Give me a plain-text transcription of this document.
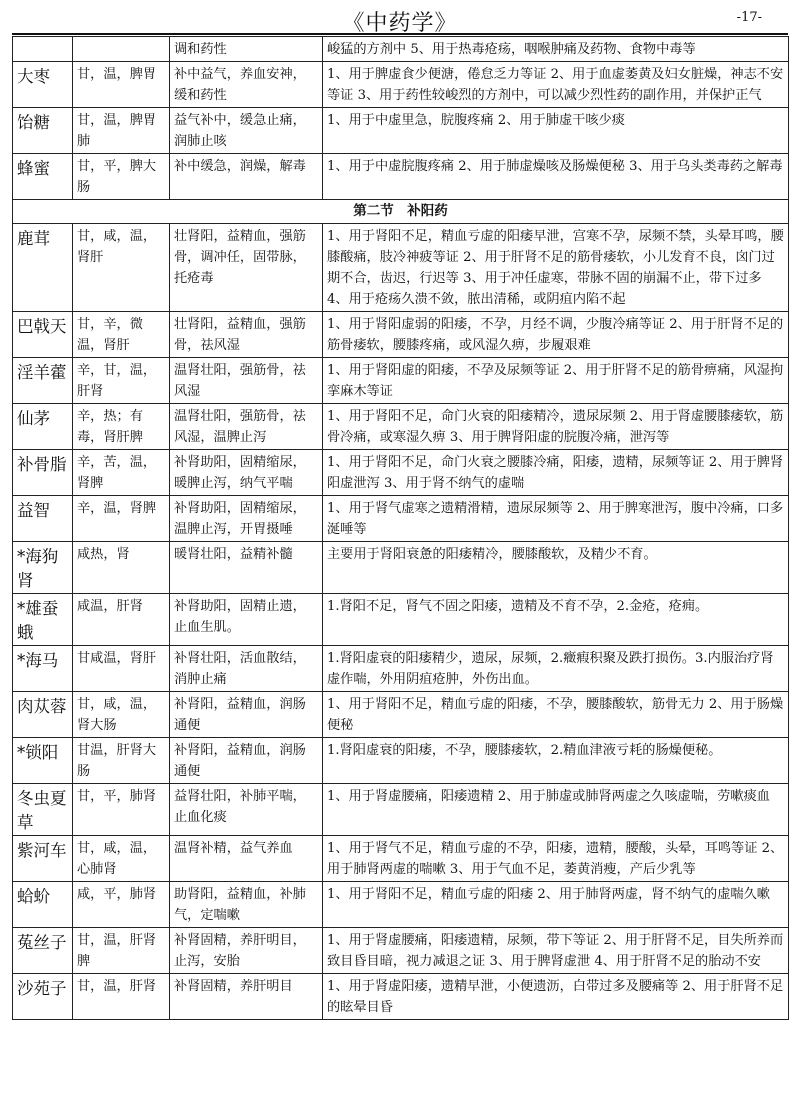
《中药学》	-17-
		调和药性	峻猛的方剂中 5、用于热毒疮疡，咽喉肿痛及药物、食物中毒等
大枣	甘，温，脾胃	补中益气，养血安神，缓和药性	1、用于脾虚食少便溏，倦怠乏力等证 2、用于血虚萎黄及妇女脏燥，神志不安等证 3、用于药性较峻烈的方剂中，可以减少烈性药的副作用，并保护正气
饴糖	甘，温，脾胃肺	益气补中，缓急止痛，润肺止咳	1、用于中虚里急，脘腹疼痛 2、用于肺虚干咳少痰
蜂蜜	甘，平，脾大肠	补中缓急，润燥，解毒	1、用于中虚脘腹疼痛 2、用于肺虚燥咳及肠燥便秘 3、用于乌头类毒药之解毒
第二节　补阳药			
鹿茸	甘，咸，温，肾肝	壮肾阳，益精血，强筋骨，调冲任，固带脉，托疮毒	1、用于肾阳不足，精血亏虚的阳痿早泄，宫寒不孕，尿频不禁，头晕耳鸣，腰膝酸痛，肢冷神疲等证 2、用于肝肾不足的筋骨痿软，小儿发育不良，囟门过期不合，齿迟，行迟等 3、用于冲任虚寒，带脉不固的崩漏不止，带下过多 4、用于疮疡久溃不敛，脓出清稀，或阴疽内陷不起
巴戟天	甘，辛，微温，肾肝	壮肾阳，益精血，强筋骨，祛风湿	1、用于肾阳虚弱的阳痿，不孕，月经不调，少腹冷痛等证 2、用于肝肾不足的筋骨痿软，腰膝疼痛，或风湿久痹，步履艰难
淫羊藿	辛，甘，温，肝肾	温肾壮阳，强筋骨，祛风湿	1、用于肾阳虚的阳痿，不孕及尿频等证 2、用于肝肾不足的筋骨痹痛，风湿拘挛麻木等证
仙茅	辛，热；有毒，肾肝脾	温肾壮阳，强筋骨，祛风湿，温脾止泻	1、用于肾阳不足，命门火衰的阳痿精冷，遗尿尿频 2、用于肾虚腰膝痿软，筋骨冷痛，或寒湿久痹 3、用于脾肾阳虚的脘腹冷痛，泄泻等
补骨脂	辛，苦，温，肾脾	补肾助阳，固精缩尿，暖脾止泻，纳气平喘	1、用于肾阳不足，命门火衰之腰膝冷痛，阳痿，遗精，尿频等证 2、用于脾肾阳虚泄泻 3、用于肾不纳气的虚喘
益智	辛，温，肾脾	补肾助阳，固精缩尿，温脾止泻，开胃摄唾	1、用于肾气虚寒之遗精滑精，遗尿尿频等 2、用于脾寒泄泻，腹中冷痛，口多涎唾等
*海狗肾	咸热，肾	暖肾壮阳，益精补髓	主要用于肾阳衰惫的阳痿精冷，腰膝酸软，及精少不育。
*雄蚕蛾	咸温，肝肾	补肾助阳，固精止遗，止血生肌。	1.肾阳不足，肾气不固之阳痿，遗精及不育不孕，2.金疮，疮痈。
*海马	甘咸温，肾肝	补肾壮阳，活血散结，消肿止痛	1.肾阳虚衰的阳痿精少，遗尿，尿频，2.癥瘕积聚及跌打损伤。3.内服治疗肾虚作喘，外用阴疽疮肿，外伤出血。
肉苁蓉	甘，咸，温，肾大肠	补肾阳，益精血，润肠通便	1、用于肾阳不足，精血亏虚的阳痿，不孕，腰膝酸软，筋骨无力 2、用于肠燥便秘
*锁阳	甘温，肝肾大肠	补肾阳，益精血，润肠通便	1.肾阳虚衰的阳痿，不孕，腰膝痿软，2.精血津液亏耗的肠燥便秘。
冬虫夏草	甘，平，肺肾	益肾壮阳，补肺平喘，止血化痰	1、用于肾虚腰痛，阳痿遗精 2、用于肺虚或肺肾两虚之久咳虚喘，劳嗽痰血
紫河车	甘，咸，温，心肺肾	温肾补精，益气养血	1、用于肾气不足，精血亏虚的不孕，阳痿，遗精，腰酸，头晕，耳鸣等证 2、用于肺肾两虚的喘嗽 3、用于气血不足，萎黄消瘦，产后少乳等
蛤蚧	咸，平，肺肾	助肾阳，益精血，补肺气，定喘嗽	1、用于肾阳不足，精血亏虚的阳痿 2、用于肺肾两虚，肾不纳气的虚喘久嗽
菟丝子	甘，温，肝肾脾	补肾固精，养肝明目，止泻，安胎	1、用于肾虚腰痛，阳痿遗精，尿频，带下等证 2、用于肝肾不足，目失所养而致目昏目暗，视力减退之证 3、用于脾肾虚泄 4、用于肝肾不足的胎动不安
沙苑子	甘，温，肝肾	补肾固精，养肝明目	1、用于肾虚阳痿，遗精早泄，小便遗沥，白带过多及腰痛等 2、用于肝肾不足的眩晕目昏
